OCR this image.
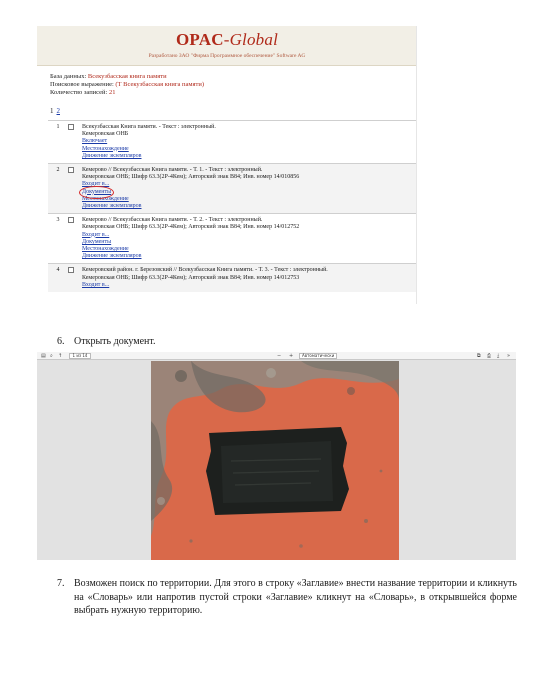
OPAC-Global
Разработано ЗАО "Фирма Программное обеспечение" Software AG
База данных: Всекузбасская книга памяти
Поисковое выражение: (Т Всекузбасская книга памяти)
Количество записей: 21
1 2
1	Всекузбасская Книга памяти. - Текст : электронный.
Кемеровская ОНБ
Включает
Местонахождение
Движение экземпляров
2	Кемерово // Всекузбасская Книга памяти. - Т. 1. - Текст : электронный.
Кемеровская ОНБ; Шифр 63.3(2Р-4Кем); Авторский знак В84; Инв. номер 14/010856
Входит в...
Документы
Местонахождение
Движение экземпляров
3	Кемерово // Всекузбасская Книга памяти. - Т. 2. - Текст : электронный.
Кемеровская ОНБ; Шифр 63.3(2Р-4Кем); Авторский знак В84; Инв. номер 14/012752
Входит в...
Документы
Местонахождение
Движение экземпляров
4	Кемеровский район. г. Березовский // Всекузбасская Книга памяти. - Т. 3. - Текст : электронный.
Кемеровская ОНБ; Шифр 63.3(2Р-4Кем); Авторский знак В84; Инв. номер 14/012753
Входит в...
6. Открыть документ.
▤ ⌕ ↑	1 из 14	− +	Автоматически	⧉ ⎙ ⤓ »
7. Возможен поиск по территории. Для этого в строку «Заглавие» внести название территории и кликнуть на «Словарь» или напротив пустой строки «Заглавие» кликнут на «Словарь», в открывшейся форме выбрать нужную территорию.
